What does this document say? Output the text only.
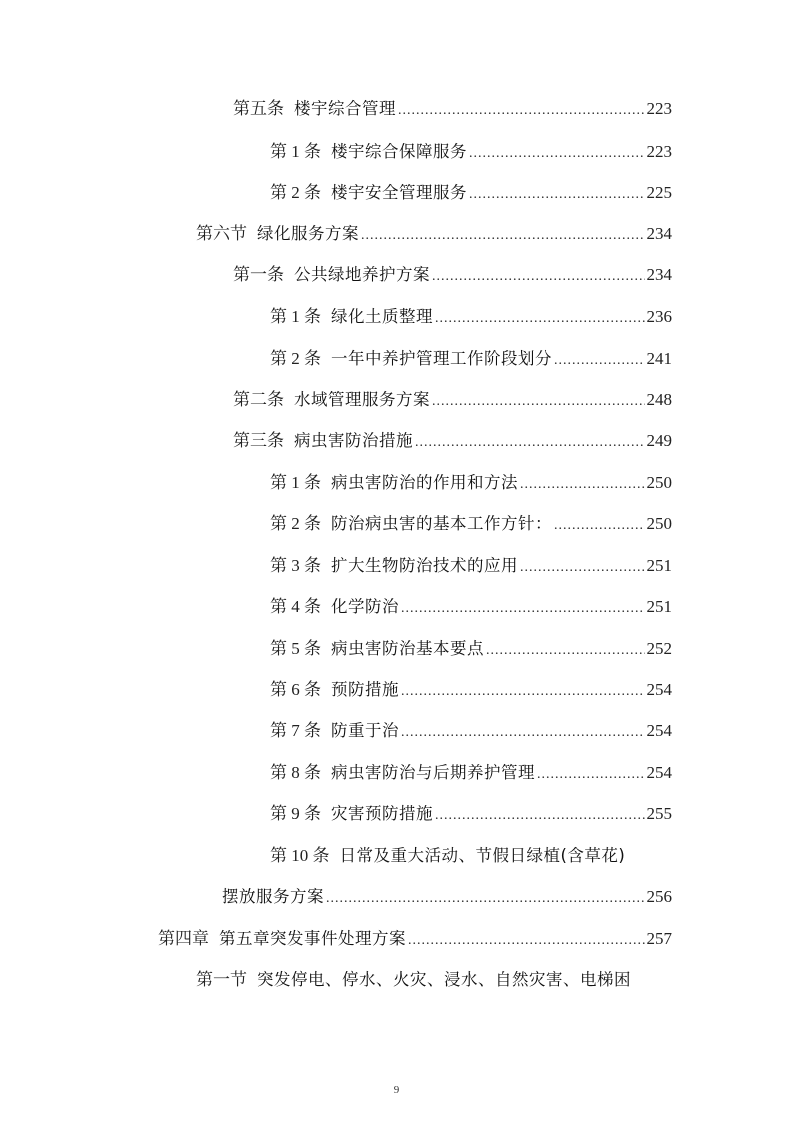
第五条 楼宇综合管理 .....	223
第 1 条 楼宇综合保障服务 .....	223
第 2 条 楼宇安全管理服务 .....	225
第六节 绿化服务方案 .....	234
第一条 公共绿地养护方案 .....	234
第 1 条 绿化土质整理 .....	236
第 2 条 一年中养护管理工作阶段划分 .....	241
第二条 水域管理服务方案 .....	248
第三条 病虫害防治措施 .....	249
第 1 条 病虫害防治的作用和方法 .....	250
第 2 条 防治病虫害的基本工作方针： .....	250
第 3 条 扩大生物防治技术的应用 .....	251
第 4 条 化学防治 .....	251
第 5 条 病虫害防治基本要点 .....	252
第 6 条 预防措施 .....	254
第 7 条 防重于治 .....	254
第 8 条 病虫害防治与后期养护管理 .....	254
第 9 条 灾害预防措施 .....	255
第 10 条 日常及重大活动、节假日绿植(含草花)
摆放服务方案 .....	256
第四章 第五章突发事件处理方案 .....	257
第一节 突发停电、停水、火灾、浸水、自然灾害、电梯困
9
